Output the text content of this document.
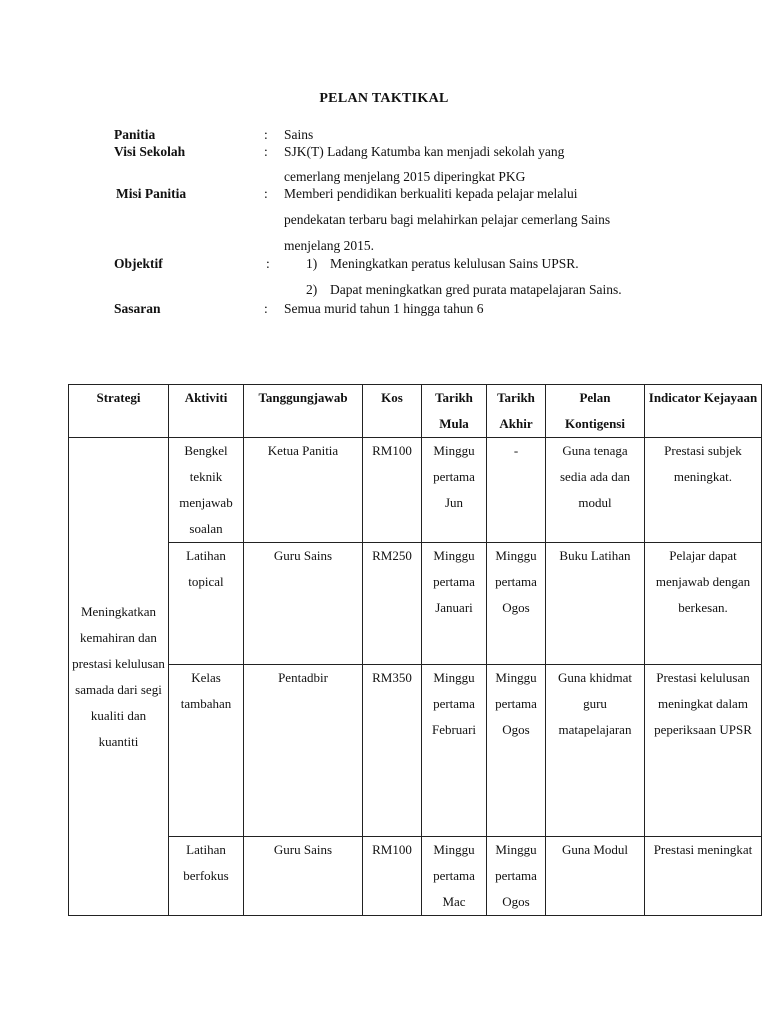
PELAN TAKTIKAL
Panitia	: Sains
Visi Sekolah	: SJK(T) Ladang Katumba kan menjadi sekolah yang
cemerlang menjelang 2015 diperingkat PKG
Misi Panitia	: Memberi pendidikan berkualiti kepada pelajar melalui
pendekatan terbaru bagi melahirkan pelajar cemerlang Sains
menjelang 2015.
Objektif	:	1) Meningkatkan peratus kelulusan Sains UPSR.
2) Dapat meningkatkan gred purata matapelajaran Sains.
Sasaran	: Semua murid tahun 1 hingga tahun 6
Strategi	Aktiviti	Tanggungjawab	Kos	Tarikh Mula	Tarikh Akhir	Pelan Kontigensi	Indicator Kejayaan
Meningkatkan kemahiran dan prestasi kelulusan samada dari segi kualiti dan kuantiti	Bengkel teknik menjawab soalan	Ketua Panitia	RM100	Minggu pertama Jun	-	Guna tenaga sedia ada dan modul	Prestasi subjek meningkat.
	Latihan topical	Guru Sains	RM250	Minggu pertama Januari	Minggu pertama Ogos	Buku Latihan	Pelajar dapat menjawab dengan berkesan.
	Kelas tambahan	Pentadbir	RM350	Minggu pertama Februari	Minggu pertama Ogos	Guna khidmat guru matapelajaran	Prestasi kelulusan meningkat dalam peperiksaan UPSR
	Latihan berfokus	Guru Sains	RM100	Minggu pertama Mac	Minggu pertama Ogos	Guna Modul	Prestasi meningkat
